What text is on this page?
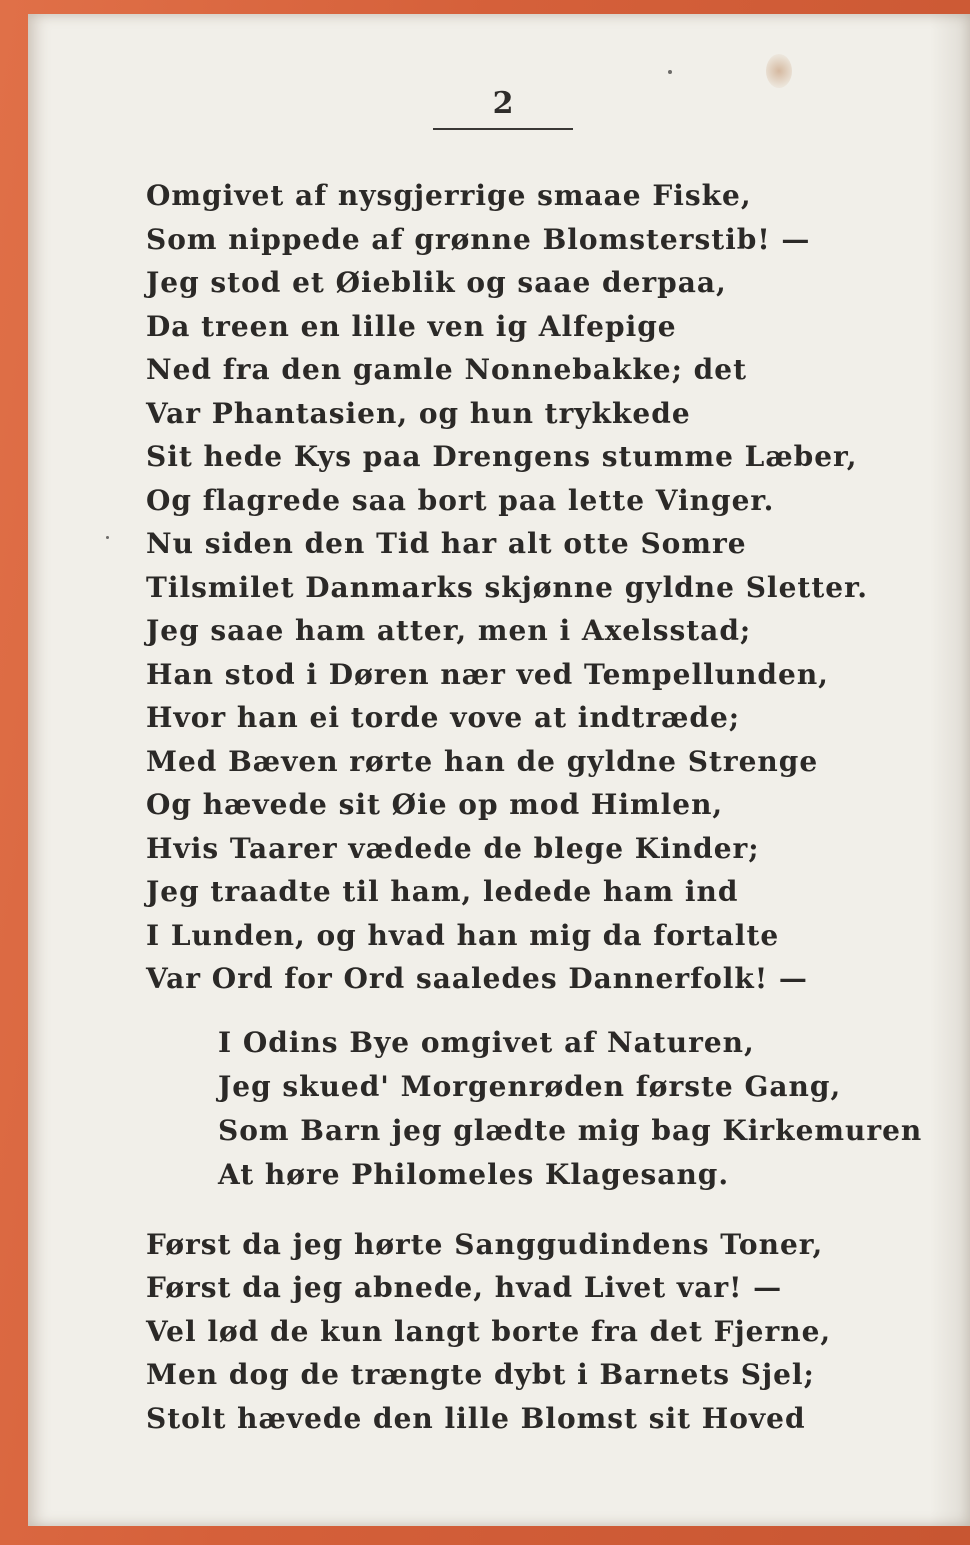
2
Omgivet af nysgjerrige smaae Fiske,
Som nippede af grønne Blomsterstib! —
Jeg stod et Øieblik og saae derpaa,
Da treen en lille ven ig Alfepige
Ned fra den gamle Nonnebakke; det
Var Phantasien, og hun trykkede
Sit hede Kys paa Drengens stumme Læber,
Og flagrede saa bort paa lette Vinger.
Nu siden den Tid har alt otte Somre
Tilsmilet Danmarks skjønne gyldne Sletter.
Jeg saae ham atter, men i Axelsstad;
Han stod i Døren nær ved Tempellunden,
Hvor han ei torde vove at indtræde;
Med Bæven rørte han de gyldne Strenge
Og hævede sit Øie op mod Himlen,
Hvis Taarer vædede de blege Kinder;
Jeg traadte til ham, ledede ham ind
I Lunden, og hvad han mig da fortalte
Var Ord for Ord saaledes Dannerfolk! —
I Odins Bye omgivet af Naturen,
Jeg skued' Morgenrøden første Gang,
Som Barn jeg glædte mig bag Kirkemuren
At høre Philomeles Klagesang.
Først da jeg hørte Sanggudindens Toner,
Først da jeg abnede, hvad Livet var! —
Vel lød de kun langt borte fra det Fjerne,
Men dog de trængte dybt i Barnets Sjel;
Stolt hævede den lille Blomst sit Hoved
